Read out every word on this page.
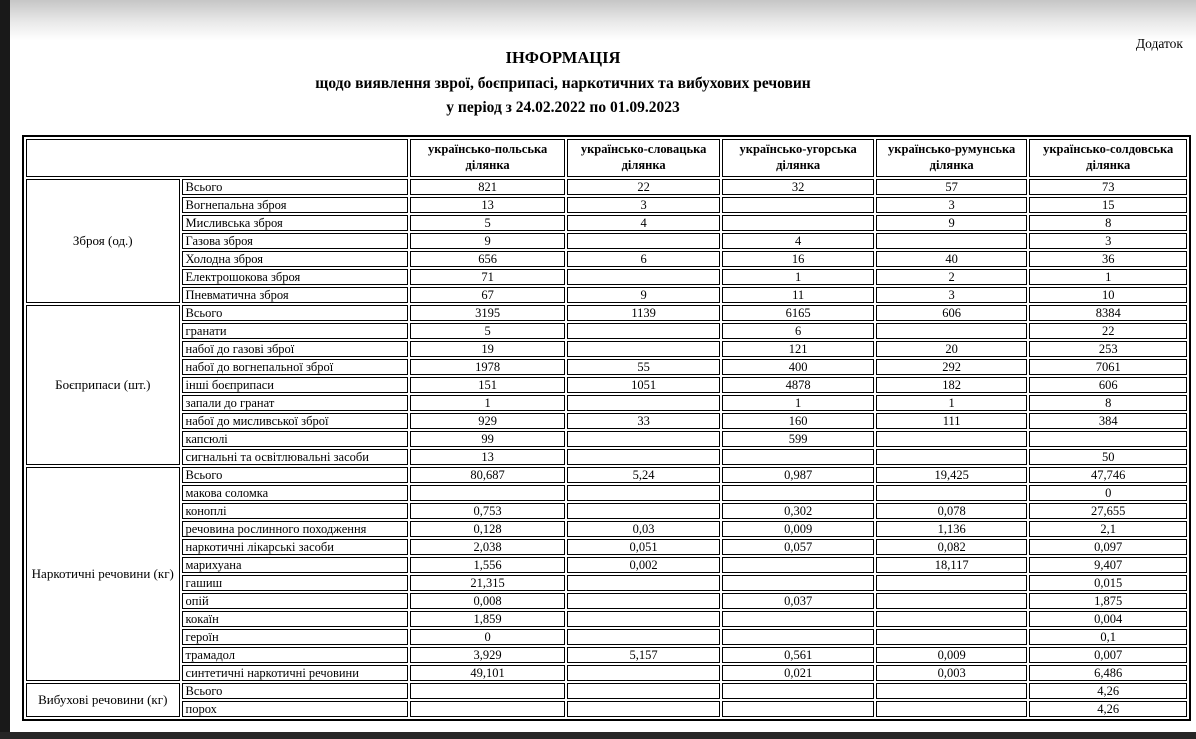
Додаток
ІНФОРМАЦІЯ
щодо виявлення зврої, боєприпасі, наркотичних та вибухових речовин
у період з 24.02.2022 по 01.09.2023
		українсько-польська ділянка	українсько-словацька ділянка	українсько-угорська ділянка	українсько-румунська ділянка	українсько-солдовська ділянка
Зброя (од.)	Всього	821	22	32	57	73
	Вогнепальна зброя	13	3		3	15
	Мисливська зброя	5	4		9	8
	Газова зброя	9		4		3
	Холодна зброя	656	6	16	40	36
	Електрошокова зброя	71		1	2	1
	Пневматична зброя	67	9	11	3	10
Боєприпаси (шт.)	Всього	3195	1139	6165	606	8384
	гранати	5		6		22
	набої до газові зброї	19		121	20	253
	набої до вогнепальної зброї	1978	55	400	292	7061
	інші боєприпаси	151	1051	4878	182	606
	запали до гранат	1		1	1	8
	набої до мисливської зброї	929	33	160	111	384
	капсюлі	99		599		
	сигнальні та освітлювальні засоби	13				50
Наркотичні речовини (кг)	Всього	80,687	5,24	0,987	19,425	47,746
	макова соломка					0
	коноплі	0,753		0,302	0,078	27,655
	речовина рослинного походження	0,128	0,03	0,009	1,136	2,1
	наркотичні лікарські засоби	2,038	0,051	0,057	0,082	0,097
	марихуана	1,556	0,002		18,117	9,407
	гашиш	21,315				0,015
	опій	0,008		0,037		1,875
	кокаїн	1,859				0,004
	героїн	0				0,1
	трамадол	3,929	5,157	0,561	0,009	0,007
	синтетичні наркотичні речовини	49,101		0,021	0,003	6,486
Вибухові речовини (кг)	Всього					4,26
	порох					4,26
